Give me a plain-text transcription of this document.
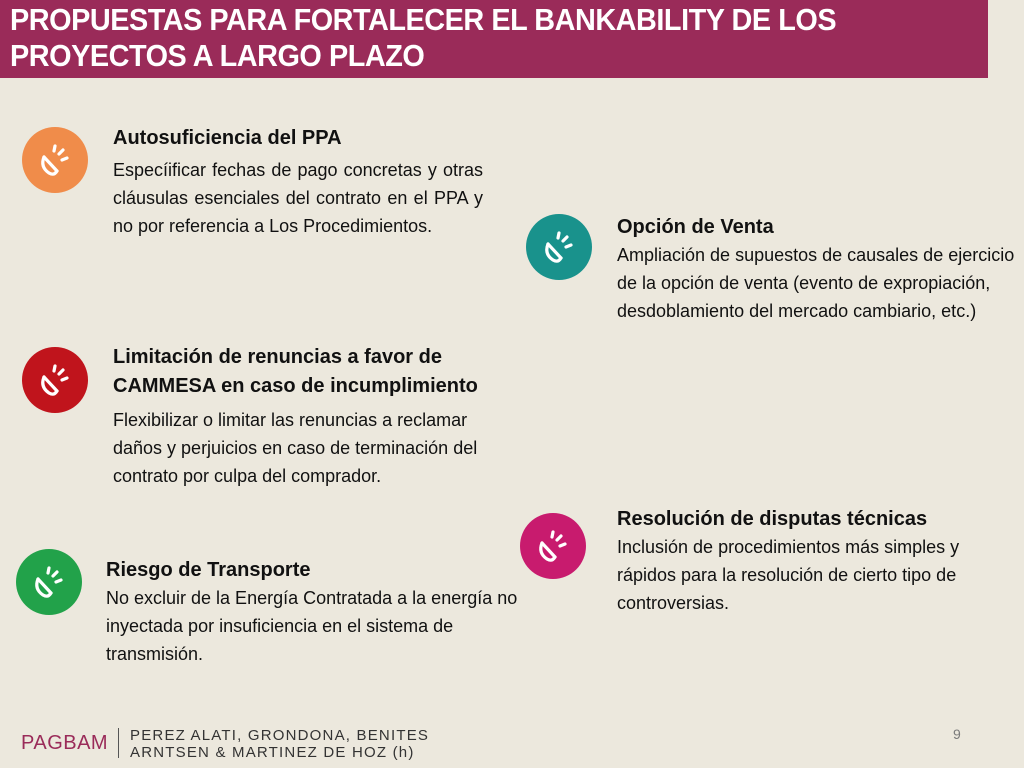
PROPUESTAS PARA FORTALECER EL BANKABILITY DE LOS PROYECTOS A LARGO PLAZO
Autosuficiencia del PPA
Especíificar fechas de pago concretas y otras cláusulas esenciales del contrato en el PPA y no por referencia a Los Procedimientos.
Limitación de renuncias a favor de CAMMESA en caso de incumplimiento
Flexibilizar o limitar las renuncias a reclamar daños y perjuicios en caso de terminación del contrato por culpa del comprador.
Riesgo de Transporte
No excluir de la Energía Contratada a la energía no inyectada por insuficiencia en el sistema de transmisión.
Opción de Venta
Ampliación de supuestos de causales de ejercicio de la opción de venta (evento de expropiación, desdoblamiento del mercado cambiario, etc.)
Resolución de disputas técnicas
Inclusión de procedimientos más simples y rápidos para la resolución de cierto tipo de controversias.
PAGBAM PEREZ ALATI, GRONDONA, BENITES
ARNTSEN & MARTINEZ DE HOZ (h)
9
